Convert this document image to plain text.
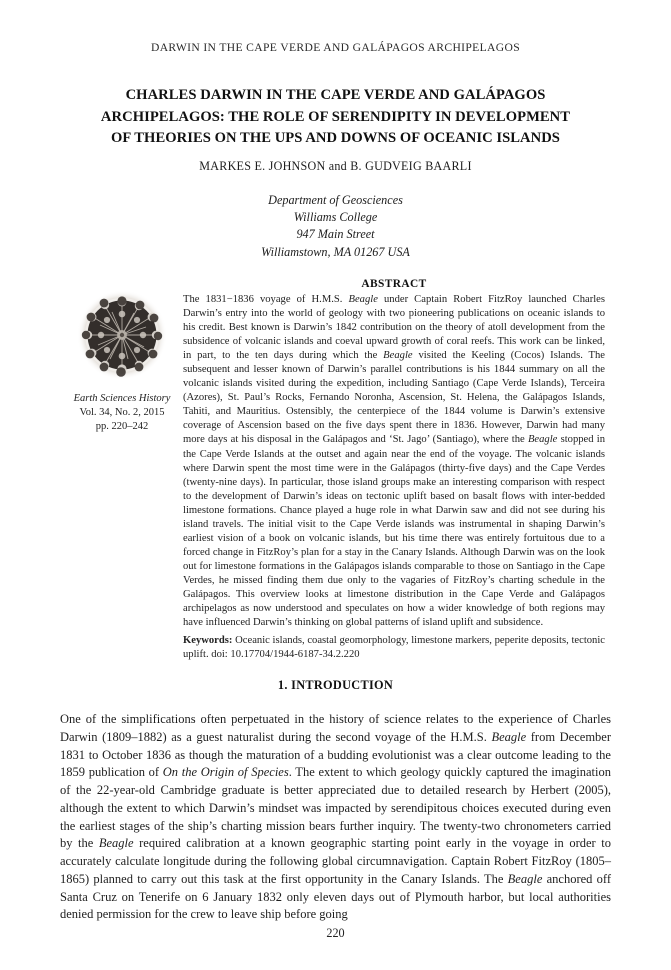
DARWIN IN THE CAPE VERDE AND GALÁPAGOS ARCHIPELAGOS
CHARLES DARWIN IN THE CAPE VERDE AND GALÁPAGOS
ARCHIPELAGOS: THE ROLE OF SERENDIPITY IN DEVELOPMENT
OF THEORIES ON THE UPS AND DOWNS OF OCEANIC ISLANDS
MARKES E. JOHNSON and B. GUDVEIG BAARLI
Department of Geosciences
Williams College
947 Main Street
Williamstown, MA 01267 USA
Earth Sciences History
Vol. 34, No. 2, 2015
pp. 220–242
ABSTRACT

The 1831−1836 voyage of H.M.S. Beagle under Captain Robert FitzRoy launched Charles Darwin’s entry into the world of geology with two pioneering publications on oceanic islands to his credit. Best known is Darwin’s 1842 contribution on the theory of atoll development from the subsidence of volcanic islands and coeval upward growth of coral reefs. This work can be linked, in part, to the ten days during which the Beagle visited the Keeling (Cocos) Islands. The subsequent and lesser known of Darwin’s parallel contributions is his 1844 summary on all the volcanic islands visited during the expedition, including Santiago (Cape Verde Islands), Terceira (Azores), St. Paul’s Rocks, Fernando Noronha, Ascension, St. Helena, the Galápagos Islands, Tahiti, and Mauritius. Ostensibly, the centerpiece of the 1844 volume is Darwin’s extensive coverage of Ascension based on the five days spent there in 1836. However, Darwin had many more days at his disposal in the Galápagos and ‘St. Jago’ (Santiago), where the Beagle stopped in the Cape Verde Islands at the outset and again near the end of the voyage. The volcanic islands where Darwin spent the most time were in the Galápagos (thirty-five days) and the Cape Verdes (twenty-nine days). In particular, those island groups make an interesting comparison with respect to the development of Darwin’s ideas on tectonic uplift based on basalt flows with inter-bedded limestone formations. Chance played a huge role in what Darwin saw and did not see during his island travels. The initial visit to the Cape Verde islands was instrumental in shaping Darwin’s earliest vision of a book on volcanic islands, but his time there was entirely fortuitous due to a forced change in FitzRoy’s plan for a stay in the Canary Islands. Although Darwin was on the look out for limestone formations in the Galápagos islands comparable to those on Santiago in the Cape Verdes, he missed finding them due only to the vagaries of FitzRoy’s charting schedule in the Galápagos. This overview looks at limestone distribution in the Cape Verde and Galápagos archipelagos as now understood and speculates on how a wider knowledge of both regions may have influenced Darwin’s thinking on global patterns of island uplift and subsidence.

Keywords: Oceanic islands, coastal geomorphology, limestone markers, peperite deposits, tectonic uplift. doi: 10.17704/1944-6187-34.2.220
1. INTRODUCTION

One of the simplifications often perpetuated in the history of science relates to the experience of Charles Darwin (1809–1882) as a guest naturalist during the second voyage of the H.M.S. Beagle from December 1831 to October 1836 as though the maturation of a budding evolutionist was a clear outcome leading to the 1859 publication of On the Origin of Species. The extent to which geology quickly captured the imagination of the 22-year-old Cambridge graduate is better appreciated due to detailed research by Herbert (2005), although the extent to which Darwin’s mindset was impacted by serendipitous choices executed during even the earliest stages of the ship’s charting mission bears further inquiry. The twenty-two chronometers carried by the Beagle required calibration at a known geographic starting point early in the voyage in order to accurately calculate longitude during the following global circumnavigation. Captain Robert FitzRoy (1805–1865) planned to carry out this task at the first opportunity in the Canary Islands. The Beagle anchored off Santa Cruz on Tenerife on 6 January 1832 only eleven days out of Plymouth harbor, but local authorities denied permission for the crew to leave ship before going

220
